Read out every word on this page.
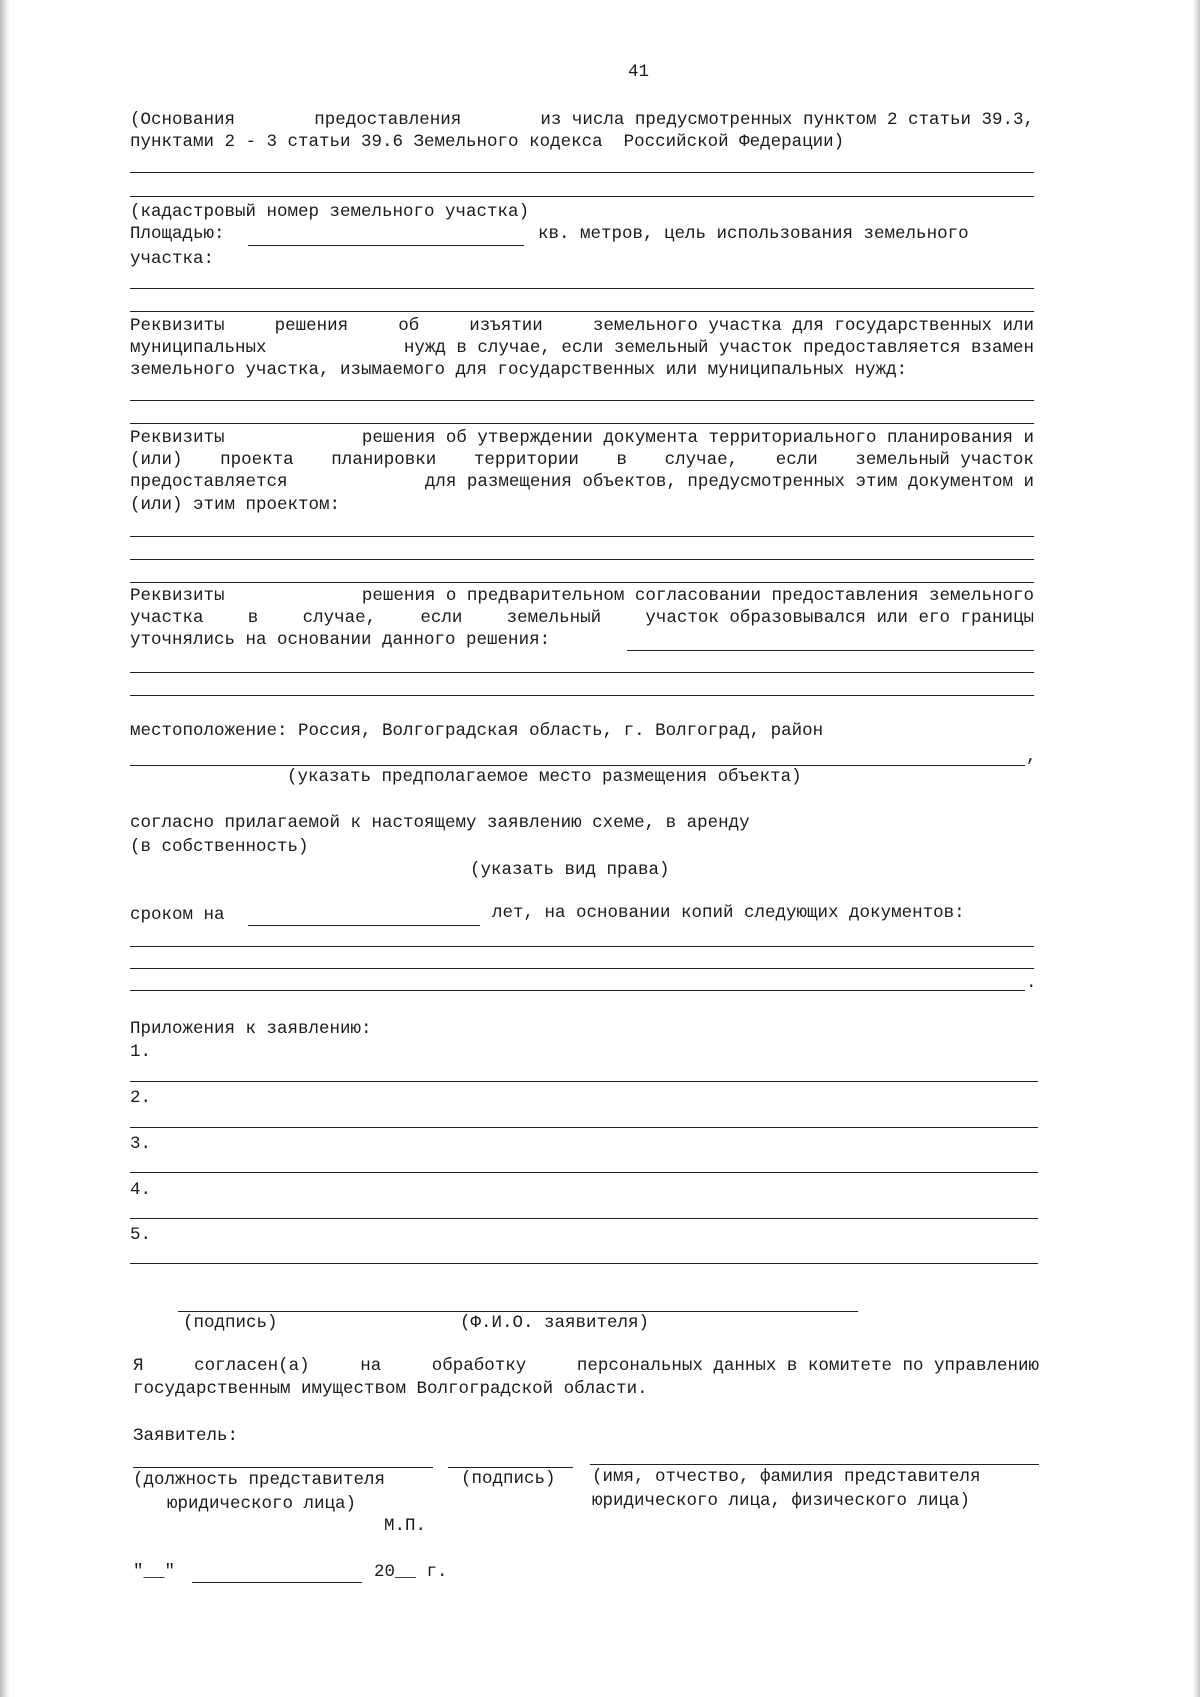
41
(Основания	предоставления	из числа предусмотренных пунктом 2 статьи 39.3,
пунктами 2 - 3 статьи 39.6 Земельного кодекса  Российской Федерации)
(кадастровый номер земельного участка)
Площадью:	кв. метров, цель использования земельного
участка:
Реквизиты	решения	об	изъятии	земельного участка для государственных или
муниципальных	нужд в случае, если земельный участок предоставляется взамен
земельного участка, изымаемого для государственных или муниципальных нужд:
Реквизиты	решения об утверждении документа территориального планирования и
(или) проекта планировки территории в случае, если земельный участок
предоставляется	для размещения объектов, предусмотренных этим документом и
(или) этим проектом:
Реквизиты	решения о предварительном согласовании предоставления земельного
участка	в	случае,	если	земельный	участок образовывался или его границы
уточнялись на основании данного решения:
местоположение: Россия, Волгоградская область, г. Волгоград, район
,
(указать предполагаемое место размещения объекта)
согласно прилагаемой к настоящему заявлению схеме, в аренду
(в собственность)
(указать вид права)
сроком на	лет, на основании копий следующих документов:
.
Приложения к заявлению:
1.
2.
3.
4.
5.
(подпись)	(Ф.И.О. заявителя)
Я	согласен(а)	на	обработку	персональных данных в комитете по управлению
государственным имуществом Волгоградской области.
Заявитель:
(должность представителя
юридического лица)
(подпись) (имя, отчество, фамилия представителя
юридического лица, физического лица)
М.П.
"__"	20__ г.
